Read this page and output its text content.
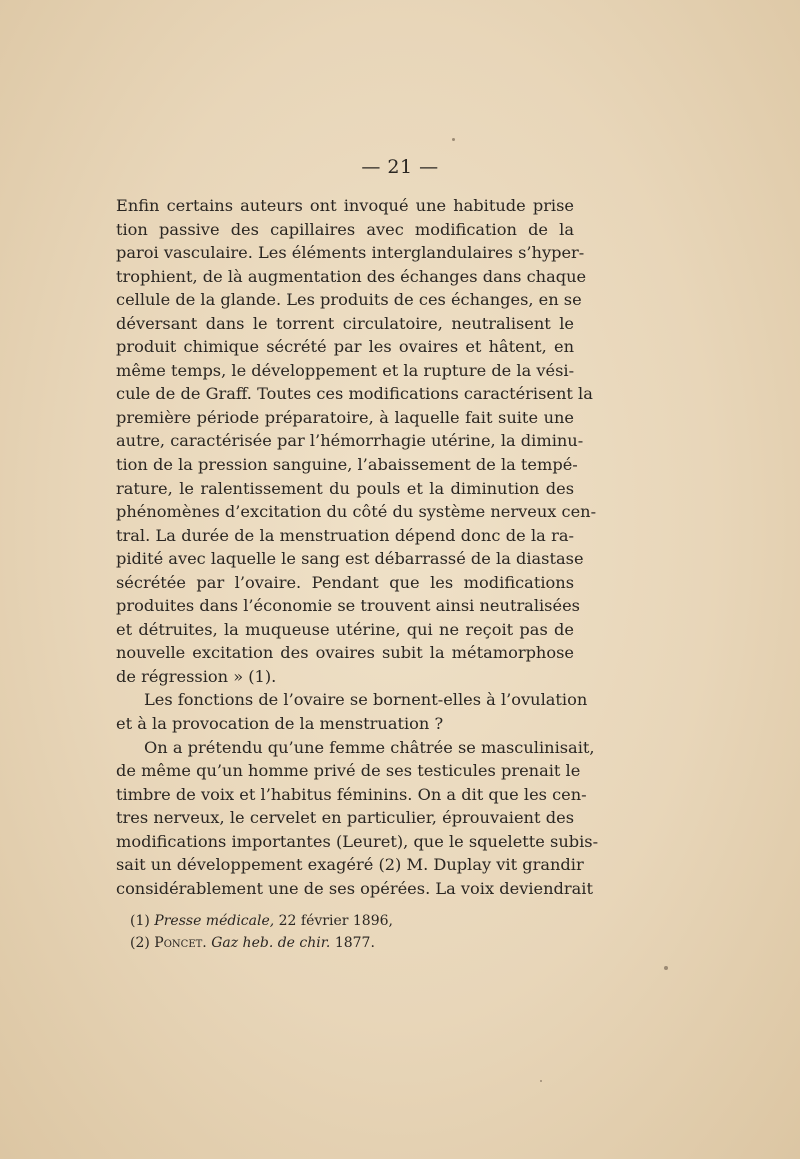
— 21 —
Enfin certains auteurs ont invoqué une habitude prise
tion passive des capillaires avec modification de la
paroi vasculaire. Les éléments interglandulaires s’hyper-
trophient, de là augmentation des échanges dans chaque
cellule de la glande. Les produits de ces échanges, en se
déversant dans le torrent circulatoire, neutralisent le
produit chimique sécrété par les ovaires et hâtent, en
même temps, le développement et la rupture de la vési-
cule de de Graff. Toutes ces modifications caractérisent la
première période préparatoire, à laquelle fait suite une
autre, caractérisée par l’hémorrhagie utérine, la diminu-
tion de la pression sanguine, l’abaissement de la tempé-
rature, le ralentissement du pouls et la diminution des
phénomènes d’excitation du côté du système nerveux cen-
tral. La durée de la menstruation dépend donc de la ra-
pidité avec laquelle le sang est débarrassé de la diastase
sécrétée par l’ovaire. Pendant que les modifications
produites dans l’économie se trouvent ainsi neutralisées
et détruites, la muqueuse utérine, qui ne reçoit pas de
nouvelle excitation des ovaires subit la métamorphose
de régression » (1).
Les fonctions de l’ovaire se bornent-elles à l’ovulation
et à la provocation de la menstruation ?
On a prétendu qu’une femme châtrée se masculinisait,
de même qu’un homme privé de ses testicules prenait le
timbre de voix et l’habitus féminins. On a dit que les cen-
tres nerveux, le cervelet en particulier, éprouvaient des
modifications importantes (Leuret), que le squelette subis-
sait un développement exagéré (2) M. Duplay vit grandir
considérablement une de ses opérées. La voix deviendrait
(1) Presse médicale, 22 février 1896,
(2) Poncet. Gaz heb. de chir. 1877.
